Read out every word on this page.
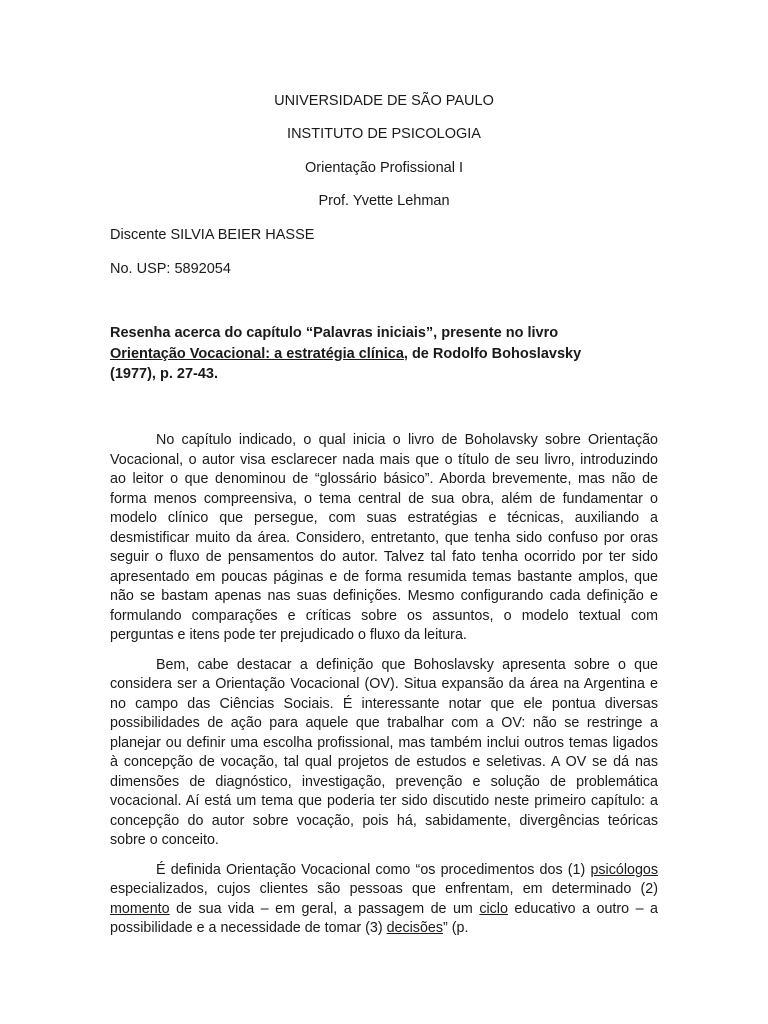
UNIVERSIDADE DE SÃO PAULO
INSTITUTO DE PSICOLOGIA
Orientação Profissional I
Prof. Yvette Lehman
Discente SILVIA BEIER HASSE
No. USP: 5892054
Resenha acerca do capítulo “Palavras iniciais”, presente no livro Orientação Vocacional: a estratégia clínica, de Rodolfo Bohoslavsky (1977), p. 27-43.

No capítulo indicado, o qual inicia o livro de Boholavsky sobre Orientação Vocacional, o autor visa esclarecer nada mais que o título de seu livro, introduzindo ao leitor o que denominou de “glossário básico”. Aborda brevemente, mas não de forma menos compreensiva, o tema central de sua obra, além de fundamentar o modelo clínico que persegue, com suas estratégias e técnicas, auxiliando a desmistificar muito da área. Considero, entretanto, que tenha sido confuso por oras seguir o fluxo de pensamentos do autor. Talvez tal fato tenha ocorrido por ter sido apresentado em poucas páginas e de forma resumida temas bastante amplos, que não se bastam apenas nas suas definições. Mesmo configurando cada definição e formulando comparações e críticas sobre os assuntos, o modelo textual com perguntas e itens pode ter prejudicado o fluxo da leitura.

Bem, cabe destacar a definição que Bohoslavsky apresenta sobre o que considera ser a Orientação Vocacional (OV). Situa expansão da área na Argentina e no campo das Ciências Sociais. É interessante notar que ele pontua diversas possibilidades de ação para aquele que trabalhar com a OV: não se restringe a planejar ou definir uma escolha profissional, mas também inclui outros temas ligados à concepção de vocação, tal qual projetos de estudos e seletivas. A OV se dá nas dimensões de diagnóstico, investigação, prevenção e solução de problemática vocacional. Aí está um tema que poderia ter sido discutido neste primeiro capítulo: a concepção do autor sobre vocação, pois há, sabidamente, divergências teóricas sobre o conceito.

É definida Orientação Vocacional como “os procedimentos dos (1) psicólogos especializados, cujos clientes são pessoas que enfrentam, em determinado (2) momento de sua vida – em geral, a passagem de um ciclo educativo a outro – a possibilidade e a necessidade de tomar (3) decisões” (p.
